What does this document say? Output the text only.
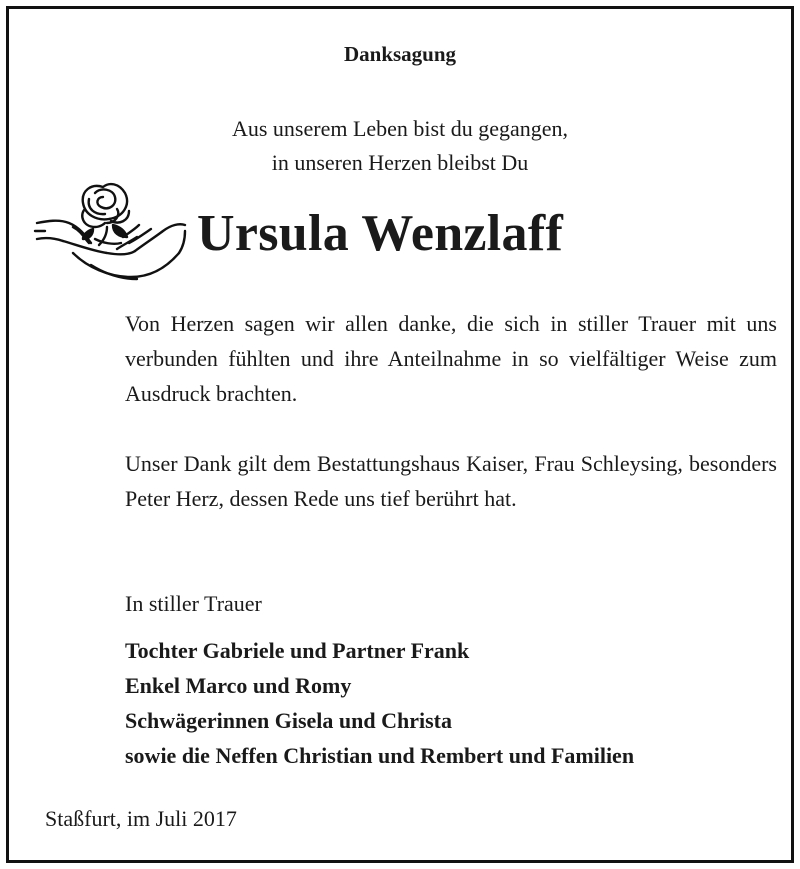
Danksagung
Aus unserem Leben bist du gegangen,
in unseren Herzen bleibst Du
Ursula Wenzlaff
Von Herzen sagen wir allen danke, die sich in stiller Trauer mit uns verbunden fühlten und ihre Anteilnahme in so vielfältiger Weise zum Ausdruck brachten.
Unser Dank gilt dem Bestattungshaus Kaiser, Frau Schleysing, besonders Peter Herz, dessen Rede uns tief berührt hat.
In stiller Trauer
Tochter Gabriele und Partner Frank
Enkel Marco und Romy
Schwägerinnen Gisela und Christa
sowie die Neffen Christian und Rembert und Familien
Staßfurt, im Juli 2017
